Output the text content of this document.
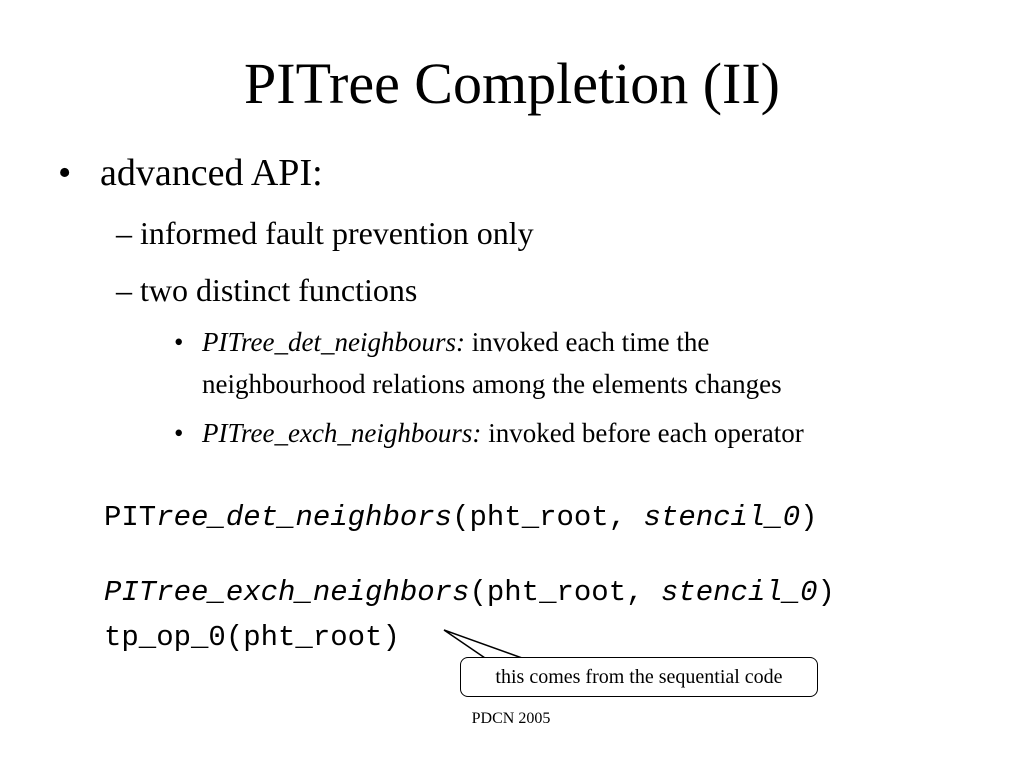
PITree Completion (II)
• advanced API:
– informed fault prevention only
– two distinct functions
• PITree_det_neighbours: invoked each time the
neighbourhood relations among the elements changes
• PITree_exch_neighbours: invoked before each operator
PITree_det_neighbors(pht_root, stencil_0)
PITree_exch_neighbors(pht_root, stencil_0)
tp_op_0(pht_root)
this comes from the sequential code
PDCN 2005
